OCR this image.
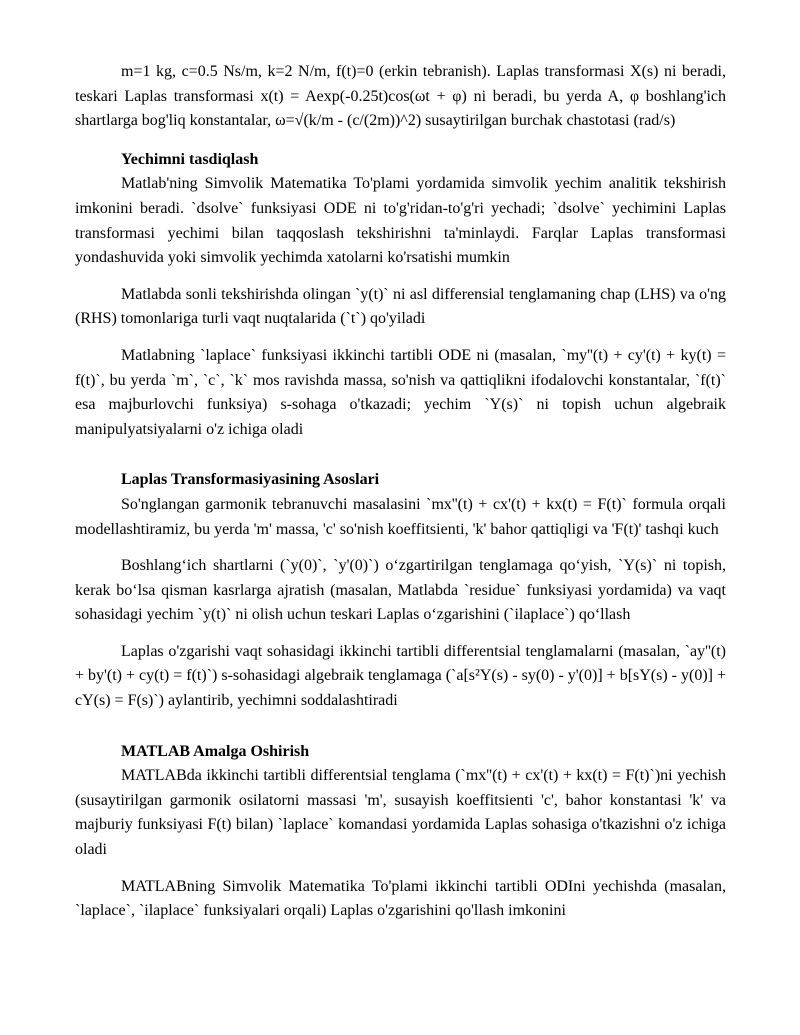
m=1 kg, c=0.5 Ns/m, k=2 N/m, f(t)=0 (erkin tebranish). Laplas transformasi X(s) ni beradi, teskari Laplas transformasi x(t) = Aexp(-0.25t)cos(ωt + φ) ni beradi, bu yerda A, φ boshlang'ich shartlarga bog'liq konstantalar, ω=√(k/m - (c/(2m))^2) susaytirilgan burchak chastotasi (rad/s)

Yechimni tasdiqlash

Matlab'ning Simvolik Matematika To'plami yordamida simvolik yechim analitik tekshirish imkonini beradi. `dsolve` funksiyasi ODE ni to'g'ridan-to'g'ri yechadi; `dsolve` yechimini Laplas transformasi yechimi bilan taqqoslash tekshirishni ta'minlaydi. Farqlar Laplas transformasi yondashuvida yoki simvolik yechimda xatolarni ko'rsatishi mumkin

Matlabda sonli tekshirishda olingan `y(t)` ni asl differensial tenglamaning chap (LHS) va o'ng (RHS) tomonlariga turli vaqt nuqtalarida (`t`) qo'yiladi

Matlabning `laplace` funksiyasi ikkinchi tartibli ODE ni (masalan, `my''(t) + cy'(t) + ky(t) = f(t)`, bu yerda `m`, `c`, `k` mos ravishda massa, so'nish va qattiqlikni ifodalovchi konstantalar, `f(t)` esa majburlovchi funksiya) s-sohaga o'tkazadi; yechim `Y(s)` ni topish uchun algebraik manipulyatsiyalarni o'z ichiga oladi

Laplas Transformasiyasining Asoslari

So'nglangan garmonik tebranuvchi masalasini `mx''(t) + cx'(t) + kx(t) = F(t)` formula orqali modellashtiramiz, bu yerda 'm' massa, 'c' so'nish koeffitsienti, 'k' bahor qattiqligi va 'F(t)' tashqi kuch

Boshlang‘ich shartlarni (`y(0)`, `y'(0)`) o‘zgartirilgan tenglamaga qo‘yish, `Y(s)` ni topish, kerak bo‘lsa qisman kasrlarga ajratish (masalan, Matlabda `residue` funksiyasi yordamida) va vaqt sohasidagi yechim `y(t)` ni olish uchun teskari Laplas o‘zgarishini (`ilaplace`) qo‘llash

Laplas o'zgarishi vaqt sohasidagi ikkinchi tartibli differentsial tenglamalarni (masalan, `ay''(t) + by'(t) + cy(t) = f(t)`) s-sohasidagi algebraik tenglamaga (`a[s²Y(s) - sy(0) - y'(0)] + b[sY(s) - y(0)] + cY(s) = F(s)`) aylantirib, yechimni soddalashtiradi

MATLAB Amalga Oshirish

MATLABda ikkinchi tartibli differentsial tenglama (`mx''(t) + cx'(t) + kx(t) = F(t)`)ni yechish (susaytirilgan garmonik osilatorni massasi 'm', susayish koeffitsienti 'c', bahor konstantasi 'k' va majburiy funksiyasi F(t) bilan) `laplace` komandasi yordamida Laplas sohasiga o'tkazishni o'z ichiga oladi

MATLABning Simvolik Matematika To'plami ikkinchi tartibli ODIni yechishda (masalan, `laplace`, `ilaplace` funksiyalari orqali) Laplas o'zgarishini qo'llash imkonini
